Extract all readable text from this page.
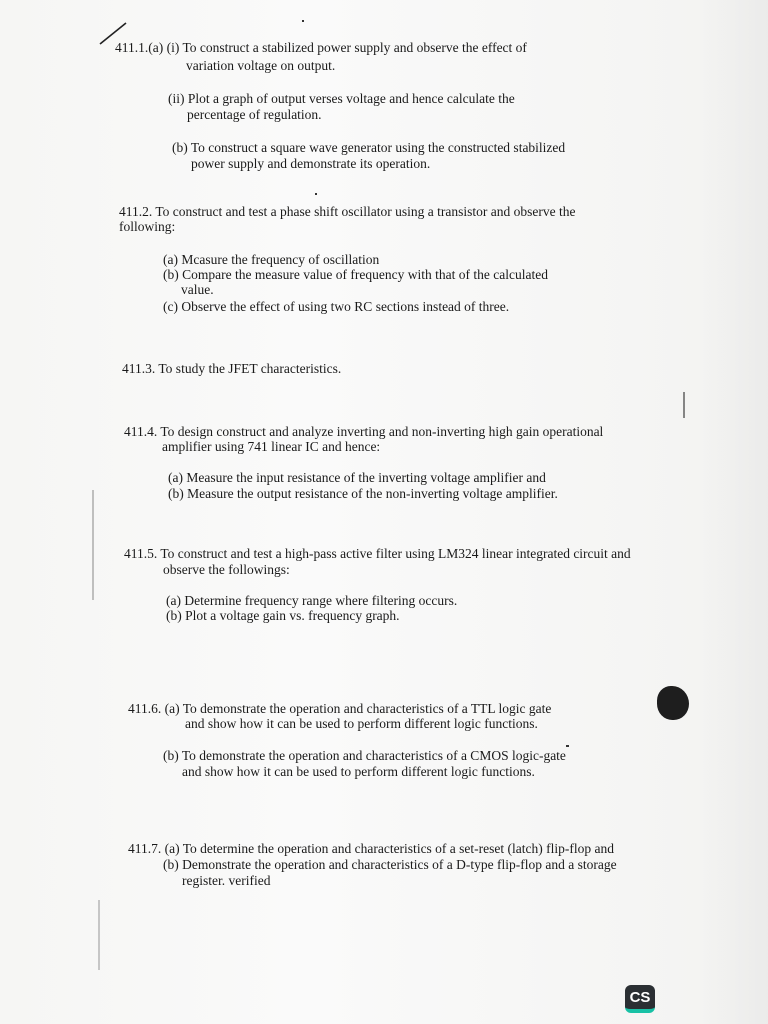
411.1.(a) (i) To construct a stabilized power supply and observe the effect of
variation voltage on output.
(ii) Plot a graph of output verses voltage and hence calculate the
percentage of regulation.
(b) To construct a square wave generator using the constructed stabilized
power supply and demonstrate its operation.
411.2. To construct and test a phase shift oscillator using a transistor and observe the
following:
(a) Mcasure the frequency of oscillation
(b) Compare the measure value of frequency with that of the calculated
value.
(c) Observe the effect of using two RC sections instead of three.
411.3. To study the JFET characteristics.
411.4. To design construct and analyze inverting and non-inverting high gain operational
amplifier using 741 linear IC and hence:
(a) Measure the input resistance of the inverting voltage amplifier and
(b) Measure the output resistance of the non-inverting voltage amplifier.
411.5. To construct and test a high-pass active filter using LM324 linear integrated circuit and
observe the followings:
(a) Determine frequency range where filtering occurs.
(b) Plot a voltage gain vs. frequency graph.
411.6. (a) To demonstrate the operation and characteristics of a TTL logic gate
and show how it can be used to perform different logic functions.
(b) To demonstrate the operation and characteristics of a CMOS logic-gate
and show how it can be used to perform different logic functions.
411.7. (a) To determine the operation and characteristics of a set-reset (latch) flip-flop and
(b) Demonstrate the operation and characteristics of a D-type flip-flop and a storage
register. verified
CS
